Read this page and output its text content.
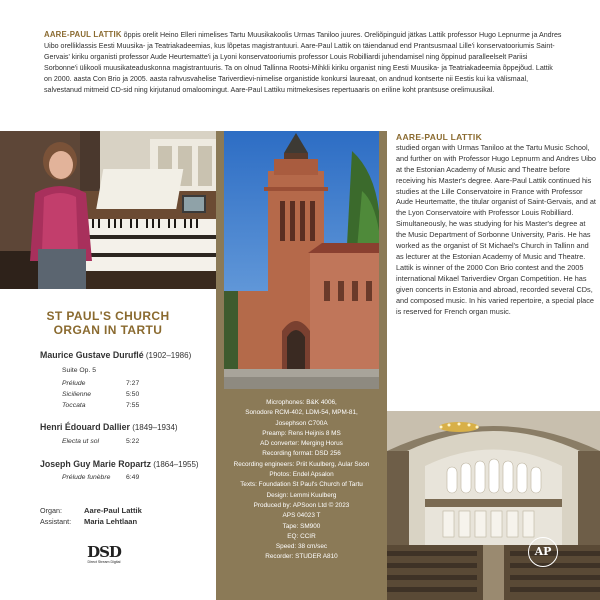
AARE-PAUL LATTIK õppis orelit Heino Elleri nimelises Tartu Muusikakoolis Urmas Taniloo juures. Oreliõpinguid jätkas Lattik professor Hugo Lepnurme ja Andres Uibo orelliklassis Eesti Muusika- ja Teatriakadeemias, kus lõpetas magistrantuuri. Aare-Paul Lattik on täiendanud end Prantsusmaal Lille'i konservatooriumis Saint-Gervais' kiriku organisti professor Aude Heurtematte'i ja Lyoni konservatooriumis professor Louis Robilliardi juhendamisel ning õppinud paralleelselt Pariisi Sorbonne'i ülikooli muusikateaduskonna magistrantuuris. Ta on olnud Tallinna Rootsi-Mihkli kiriku organist ning Eesti Muusika- ja Teatriakadeemia õppejõud. Lattik on 2000. aasta Con Brio ja 2005. aasta rahvusvahelise Tariverdievi-nimelise organistide konkursi laureaat, on andnud kontserte nii Eestis kui ka välismaal, salvestanud mitmeid CD-sid ning kirjutanud omaloomingut. Aare-Paul Lattiku mitmekesises repertuaaris on eriline koht prantsuse orelimuusikal.
AARE-PAUL LATTIK
studied organ with Urmas Taniloo at the Tartu Music School, and further on with Professor Hugo Lepnurm and Andres Uibo at the Estonian Academy of Music and Theatre before receiving his Master's degree. Aare-Paul Lattik continued his studies at the Lille Conservatoire in France with Professor Aude Heurtematte, the titular organist of Saint-Gervais, and at the Lyon Conservatoire with Professor Louis Robilliard. Simultaneously, he was studying for his Master's degree at the Music Department of Sorbonne University, Paris. He has worked as the organist of St Michael's Church in Tallinn and as lecturer at the Estonian Academy of Music and Theatre. Lattik is winner of the 2000 Con Brio contest and the 2005 international Mikael Tariverdiev Organ Competition. He has given concerts in Estonia and abroad, recorded several CDs, and composed music. In his varied repertoire, a special place is reserved for French organ music.
ST PAUL'S CHURCH
ORGAN IN TARTU
Maurice Gustave Duruflé (1902–1986)
Suite Op. 5
Prélude	7:27
Sicilienne	5:50
Toccata	7:55
Henri Édouard Dallier (1849–1934)
Electa ut sol	5:22
Joseph Guy Marie Ropartz (1864–1955)
Prélude funèbre 6:49
Organ:	Aare-Paul Lattik
Assistant: Maria Lehtlaan
DSD
Direct Stream Digital
Microphones: B&K 4006,
Sonodore RCM-402, LDM-54, MPM-81,
Josephson C700A
Preamp: Rens Heijnis 8 MS
AD converter: Merging Horus
Recording format: DSD 256
Recording engineers: Priit Kuulberg, Aular Soon
Photos: Endel Apsalon
Texts: Foundation St Paul's Church of Tartu
Design: Lemmi Kuulberg
Produced by: APSoon Ltd © 2023
APS 04023 T
Tape: SM900
EQ: CCIR
Speed: 38 cm/sec
Recorder: STUDER A810	AP
